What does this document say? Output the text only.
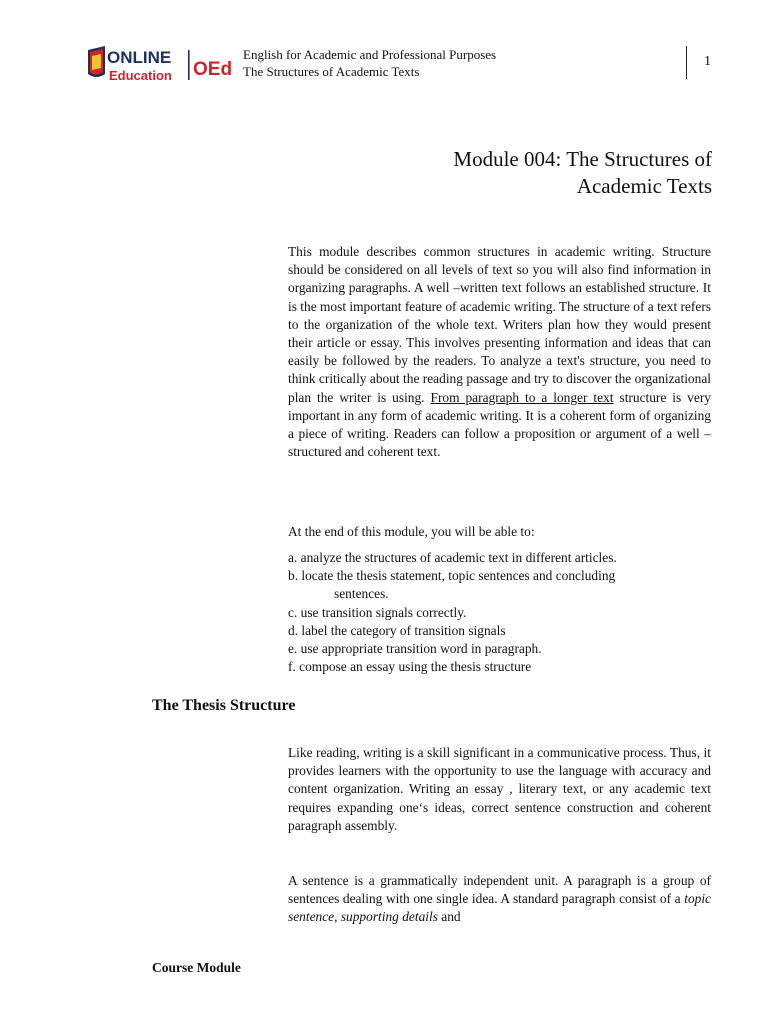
ONLINE
Education OEd
English for Academic and Professional Purposes
The Structures of Academic Texts
1
Module 004: The Structures of
Academic Texts

This module describes common structures in academic writing. Structure should be considered on all levels of text so you will also find information in organizing paragraphs. A well –written text follows an established structure. It is the most important feature of academic writing. The structure of a text refers to the organization of the whole text. Writers plan how they would present their article or essay. This involves presenting information and ideas that can easily be followed by the readers. To analyze a text's structure, you need to think critically about the reading passage and try to discover the organizational plan the writer is using. From paragraph to a longer text structure is very important in any form of academic writing. It is a coherent form of organizing a piece of writing. Readers can follow a proposition or argument of a well – structured and coherent text.

At the end of this module, you will be able to:

a. analyze the structures of academic text in different articles.
b. locate the thesis statement, topic sentences and concluding
sentences.
c. use transition signals correctly.
d. label the category of transition signals
e. use appropriate transition word in paragraph.
f. compose an essay using the thesis structure
The Thesis Structure

Like reading, writing is a skill significant in a communicative process. Thus, it provides learners with the opportunity to use the language with accuracy and content organization. Writing an essay , literary text, or any academic text requires expanding one‘s ideas, correct sentence construction and coherent paragraph assembly.

A sentence is a grammatically independent unit. A paragraph is a group of sentences dealing with one single idea. A standard paragraph consist of a topic sentence, supporting details and

Course Module
